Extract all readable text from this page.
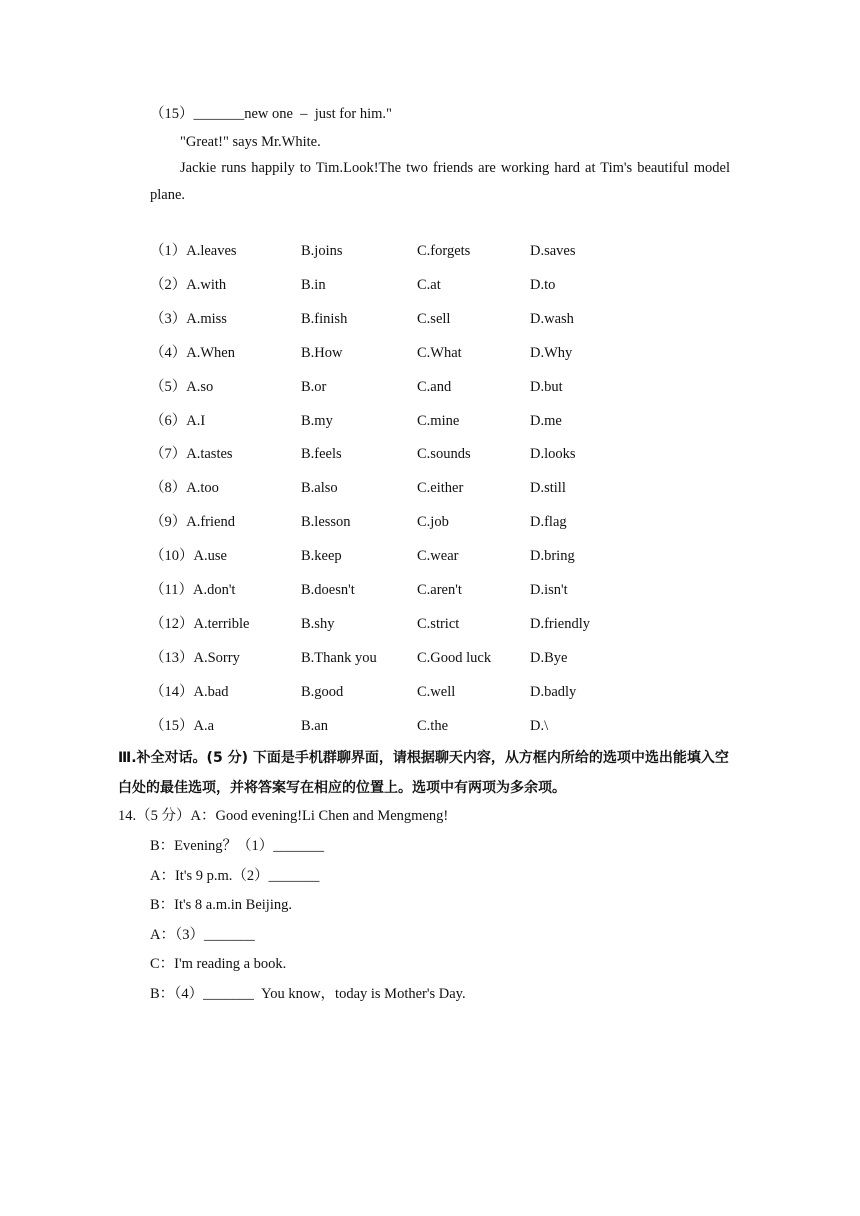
（15）_______new one  –  just for him."
"Great!" says Mr.White.
Jackie runs happily to Tim.Look!The two friends are working hard at Tim's beautiful model plane.
（1）A.leaves	B.joins	C.forgets	D.saves
（2）A.with	B.in	C.at	D.to
（3）A.miss	B.finish	C.sell	D.wash
（4）A.When	B.How	C.What	D.Why
（5）A.so	B.or	C.and	D.but
（6）A.I	B.my	C.mine	D.me
（7）A.tastes	B.feels	C.sounds	D.looks
（8）A.too	B.also	C.either	D.still
（9）A.friend	B.lesson	C.job	D.flag
（10）A.use	B.keep	C.wear	D.bring
（11）A.don't	B.doesn't	C.aren't	D.isn't
（12）A.terrible	B.shy	C.strict	D.friendly
（13）A.Sorry	B.Thank you	C.Good luck	D.Bye
（14）A.bad	B.good	C.well	D.badly
（15）A.a	B.an	C.the	D.\
Ⅲ.补全对话。(5 分) 下面是手机群聊界面，请根据聊天内容，从方框内所给的选项中选出能填入空白处的最佳选项，并将答案写在相应的位置上。选项中有两项为多余项。
14.（5 分）A：Good evening!Li Chen and Mengmeng!
B：Evening？（1）_______
A：It's 9 p.m.（2）_______
B：It's 8 a.m.in Beijing.
A：（3）_______
C：I'm reading a book.
B：（4）_______  You know，today is Mother's Day.
